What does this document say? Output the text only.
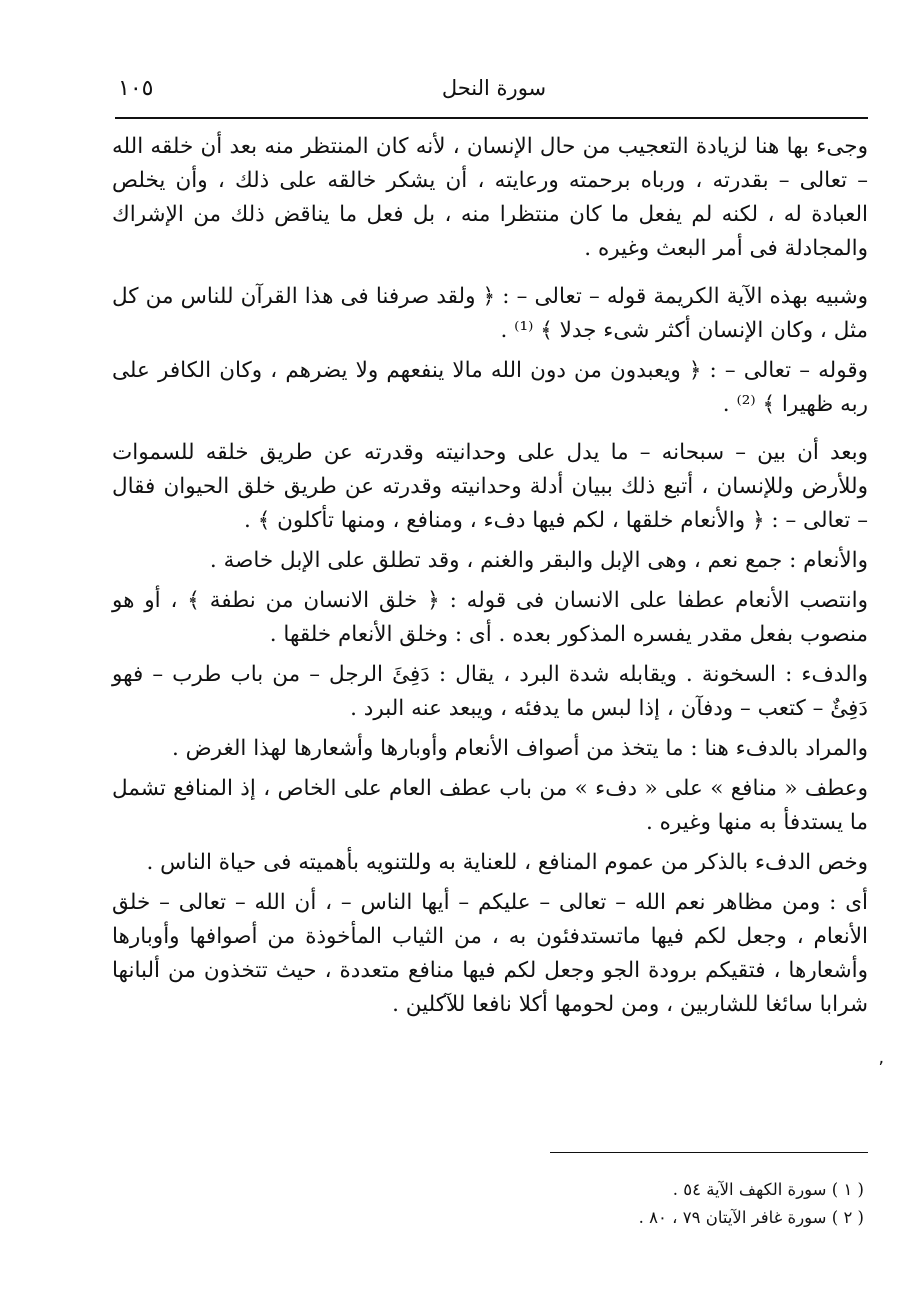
١٠٥	سورة النحل

وجىء بها هنا لزيادة التعجيب من حال الإنسان ، لأنه كان المنتظر منه بعد أن خلقه الله – تعالى – بقدرته ، ورباه برحمته ورعايته ، أن يشكر خالقه على ذلك ، وأن يخلص العبادة له ، لكنه لم يفعل ما كان منتظرا منه ، بل فعل ما يناقض ذلك من الإشراك والمجادلة فى أمر البعث وغيره .

وشبيه بهذه الآية الكريمة قوله – تعالى – : ﴿ ولقد صرفنا فى هذا القرآن للناس من كل مثل ، وكان الإنسان أكثر شىء جدلا ﴾ ⁽¹⁾ .

وقوله – تعالى – : ﴿ ويعبدون من دون الله مالا ينفعهم ولا يضرهم ، وكان الكافر على ربه ظهيرا ﴾ ⁽²⁾ .

وبعد أن بين – سبحانه – ما يدل على وحدانيته وقدرته عن طريق خلقه للسموات وللأرض وللإنسان ، أتبع ذلك ببيان أدلة وحدانيته وقدرته عن طريق خلق الحيوان فقال – تعالى – : ﴿ والأنعام خلقها ، لكم فيها دفء ، ومنافع ، ومنها تأكلون ﴾ .

والأنعام : جمع نعم ، وهى الإبل والبقر والغنم ، وقد تطلق على الإبل خاصة .

وانتصب الأنعام عطفا على الانسان فى قوله : ﴿ خلق الانسان من نطفة ﴾ ، أو هو منصوب بفعل مقدر يفسره المذكور بعده . أى : وخلق الأنعام خلقها .

والدفء : السخونة . ويقابله شدة البرد ، يقال : دَفِئَ الرجل – من باب طرب – فهو دَفِئٌ – كتعب – ودفآن ، إذا لبس ما يدفئه ، ويبعد عنه البرد .

والمراد بالدفء هنا : ما يتخذ من أصواف الأنعام وأوبارها وأشعارها لهذا الغرض .

وعطف « منافع » على « دفء » من باب عطف العام على الخاص ، إذ المنافع تشمل ما يستدفأ به منها وغيره .

وخص الدفء بالذكر من عموم المنافع ، للعناية به وللتنويه بأهميته فى حياة الناس .

أى : ومن مظاهر نعم الله – تعالى – عليكم – أيها الناس – ، أن الله – تعالى – خلق الأنعام ، وجعل لكم فيها ماتستدفئون به ، من الثياب المأخوذة من أصوافها وأوبارها وأشعارها ، فتقيكم برودة الجو وجعل لكم فيها منافع متعددة ، حيث تتخذون من ألبانها شرابا سائغا للشاربين ، ومن لحومها أكلا نافعا للآكلين .

٬
( ١ ) سورة الكهف الآية ٥٤ .
( ٢ ) سورة غافر الآيتان ٧٩ ، ٨٠ .
